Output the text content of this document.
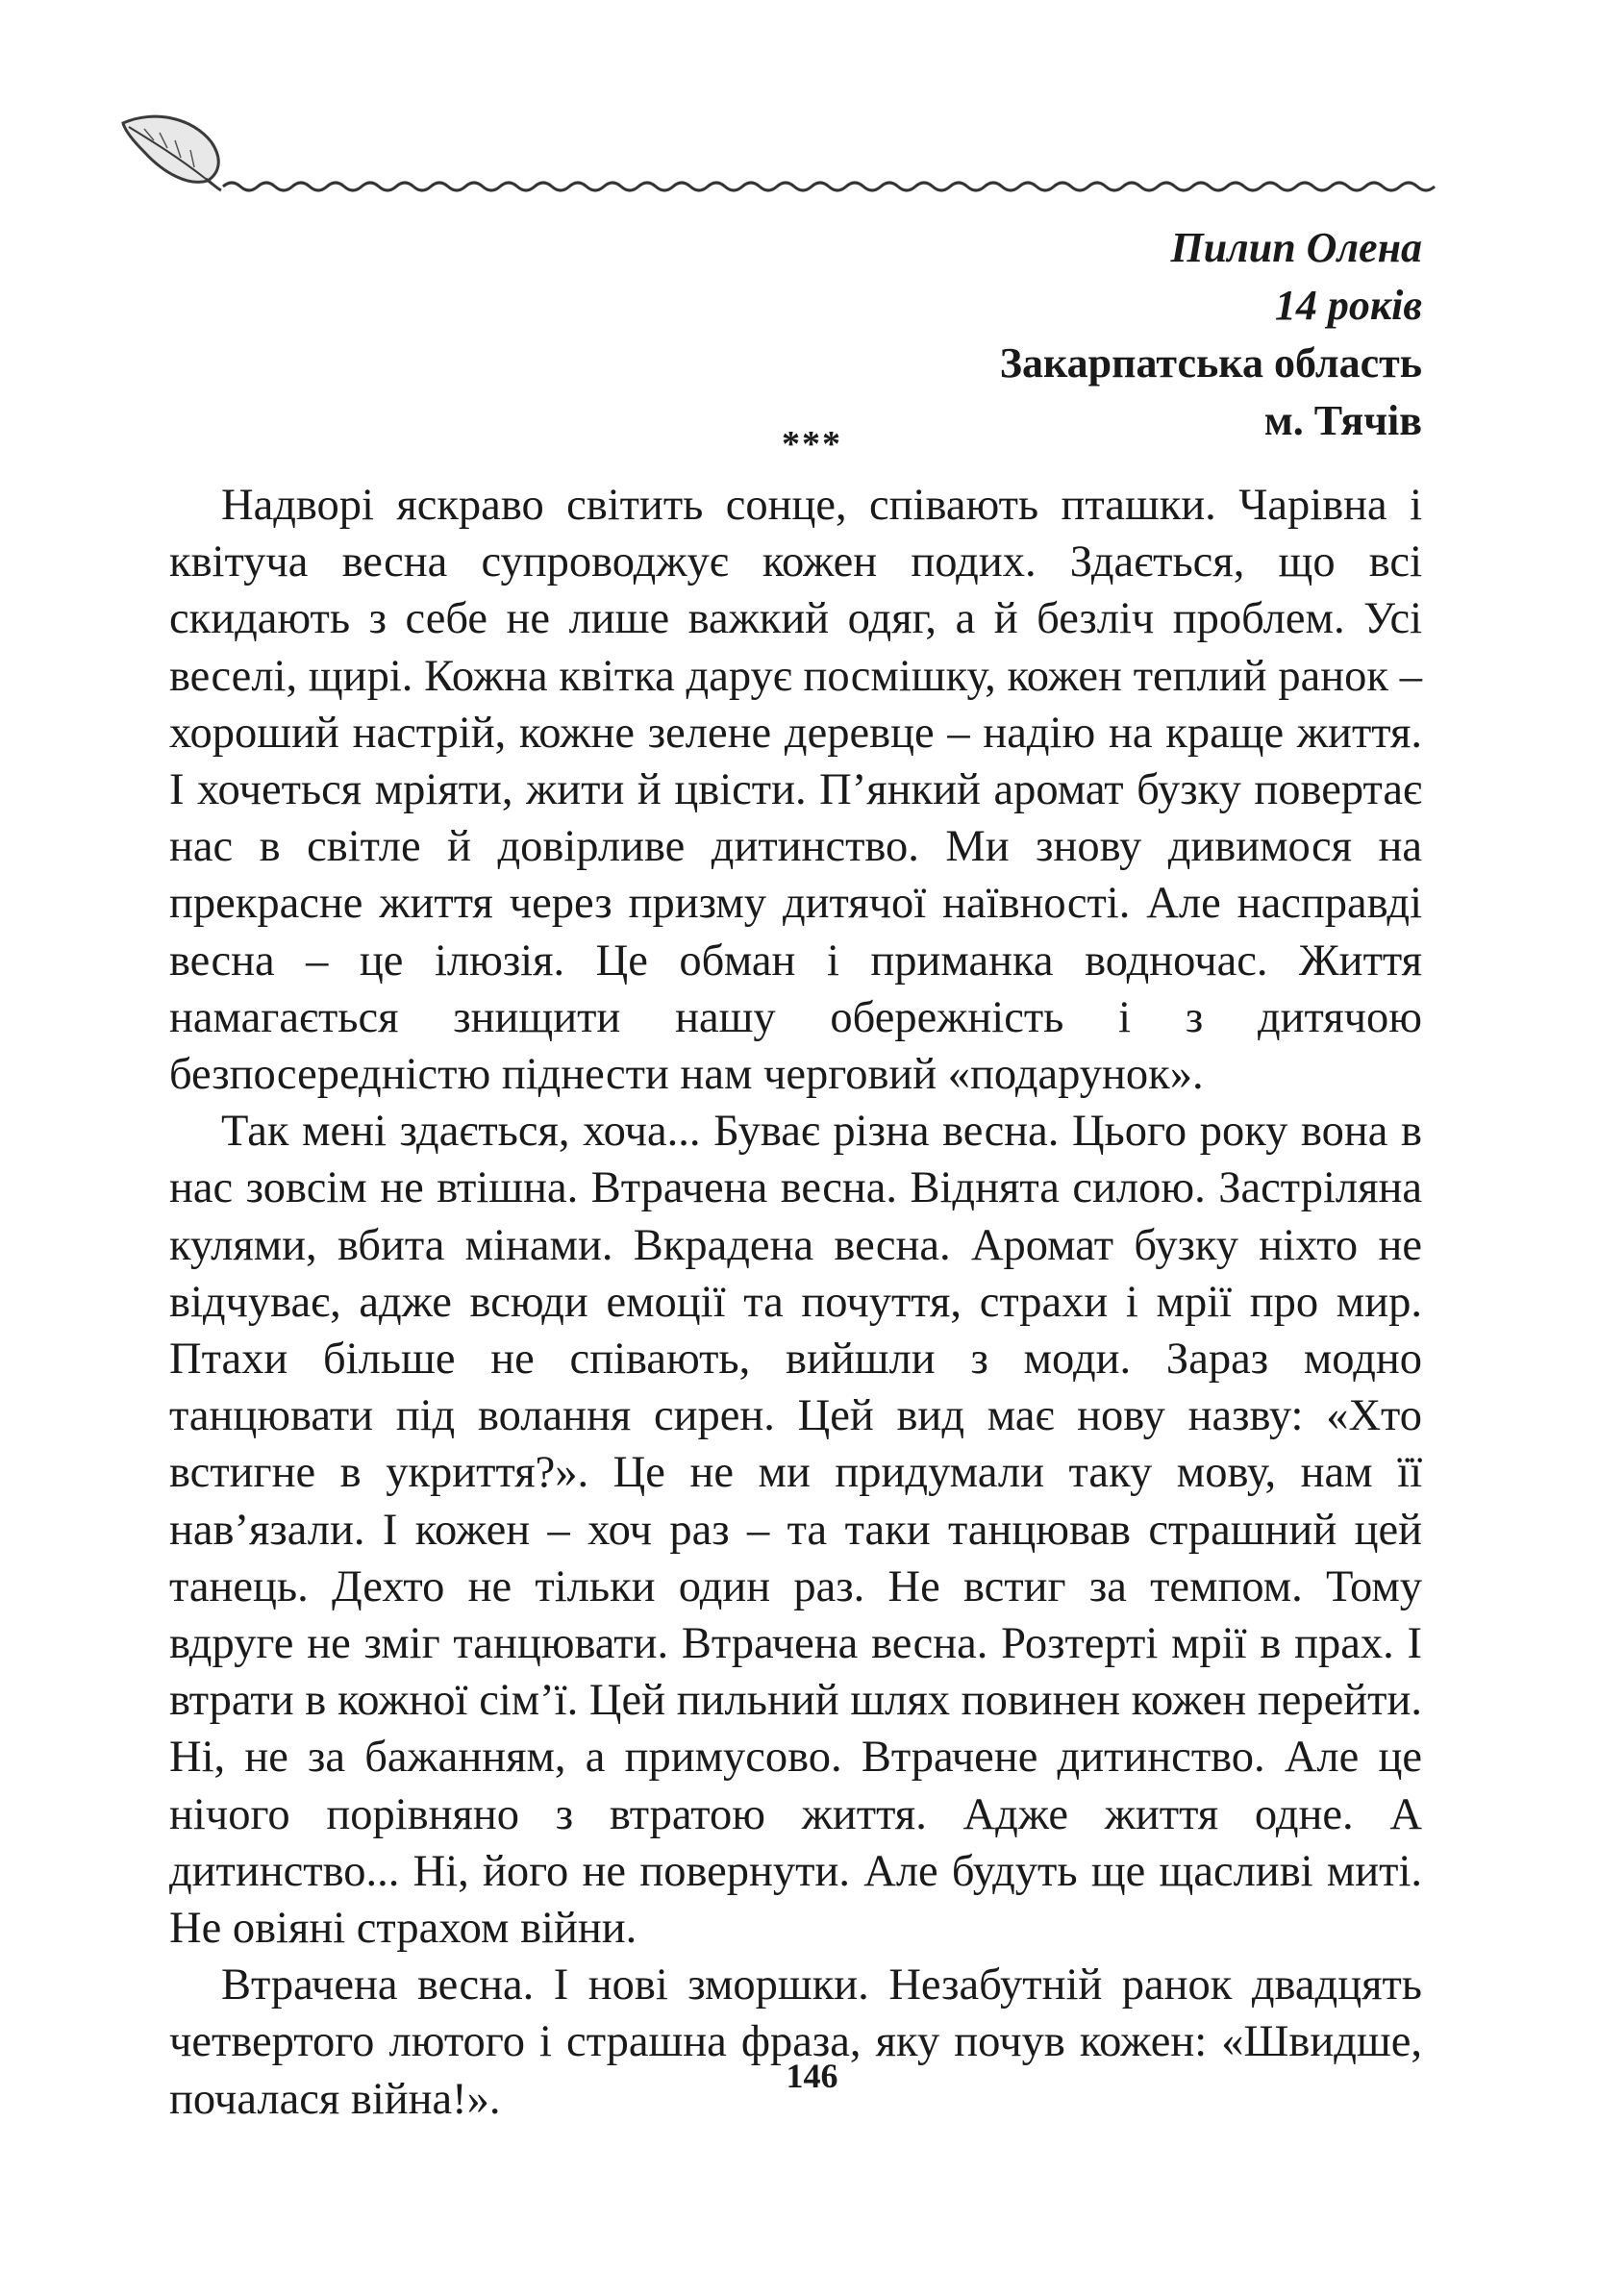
Пилип Олена
14 років
Закарпатська область
м. Тячів
***

Надворі яскраво світить сонце, співають пташки. Чарівна і квітуча весна супроводжує кожен подих. Здається, що всі скидають з себе не лише важкий одяг, а й безліч проблем. Усі веселі, щирі. Кожна квітка дарує посмішку, кожен теплий ранок – хороший настрій, кожне зелене деревце – надію на краще життя. І хочеться мріяти, жити й цвісти. П’янкий аромат бузку повертає нас в світле й довірливе дитинство. Ми знову дивимося на прекрасне життя через призму дитячої наївності. Але насправді весна – це ілюзія. Це обман і приманка водночас. Життя намагається знищити нашу обережність і з дитячою безпосередністю піднести нам черговий «подарунок».

Так мені здається, хоча... Буває різна весна. Цього року вона в нас зовсім не втішна. Втрачена весна. Віднята силою. Застріляна кулями, вбита мінами. Вкрадена весна. Аромат бузку ніхто не відчуває, адже всюди емоції та почуття, страхи і мрії про мир. Птахи більше не співають, вийшли з моди. Зараз модно танцювати під волання сирен. Цей вид має нову назву: «Хто встигне в укриття?». Це не ми придумали таку мову, нам її нав’язали. І кожен – хоч раз – та таки танцював страшний цей танець. Дехто не тільки один раз. Не встиг за темпом. Тому вдруге не зміг танцювати. Втрачена весна. Розтерті мрії в прах. І втрати в кожної сім’ї. Цей пильний шлях повинен кожен перейти. Ні, не за бажанням, а примусово. Втрачене дитинство. Але це нічого порівняно з втратою життя. Адже життя одне. А дитинство... Ні, його не повернути. Але будуть ще щасливі миті. Не овіяні страхом війни.

Втрачена весна. І нові зморшки. Незабутній ранок двадцять четвертого лютого і страшна фраза, яку почув кожен: «Швидше, почалася війна!».	146
